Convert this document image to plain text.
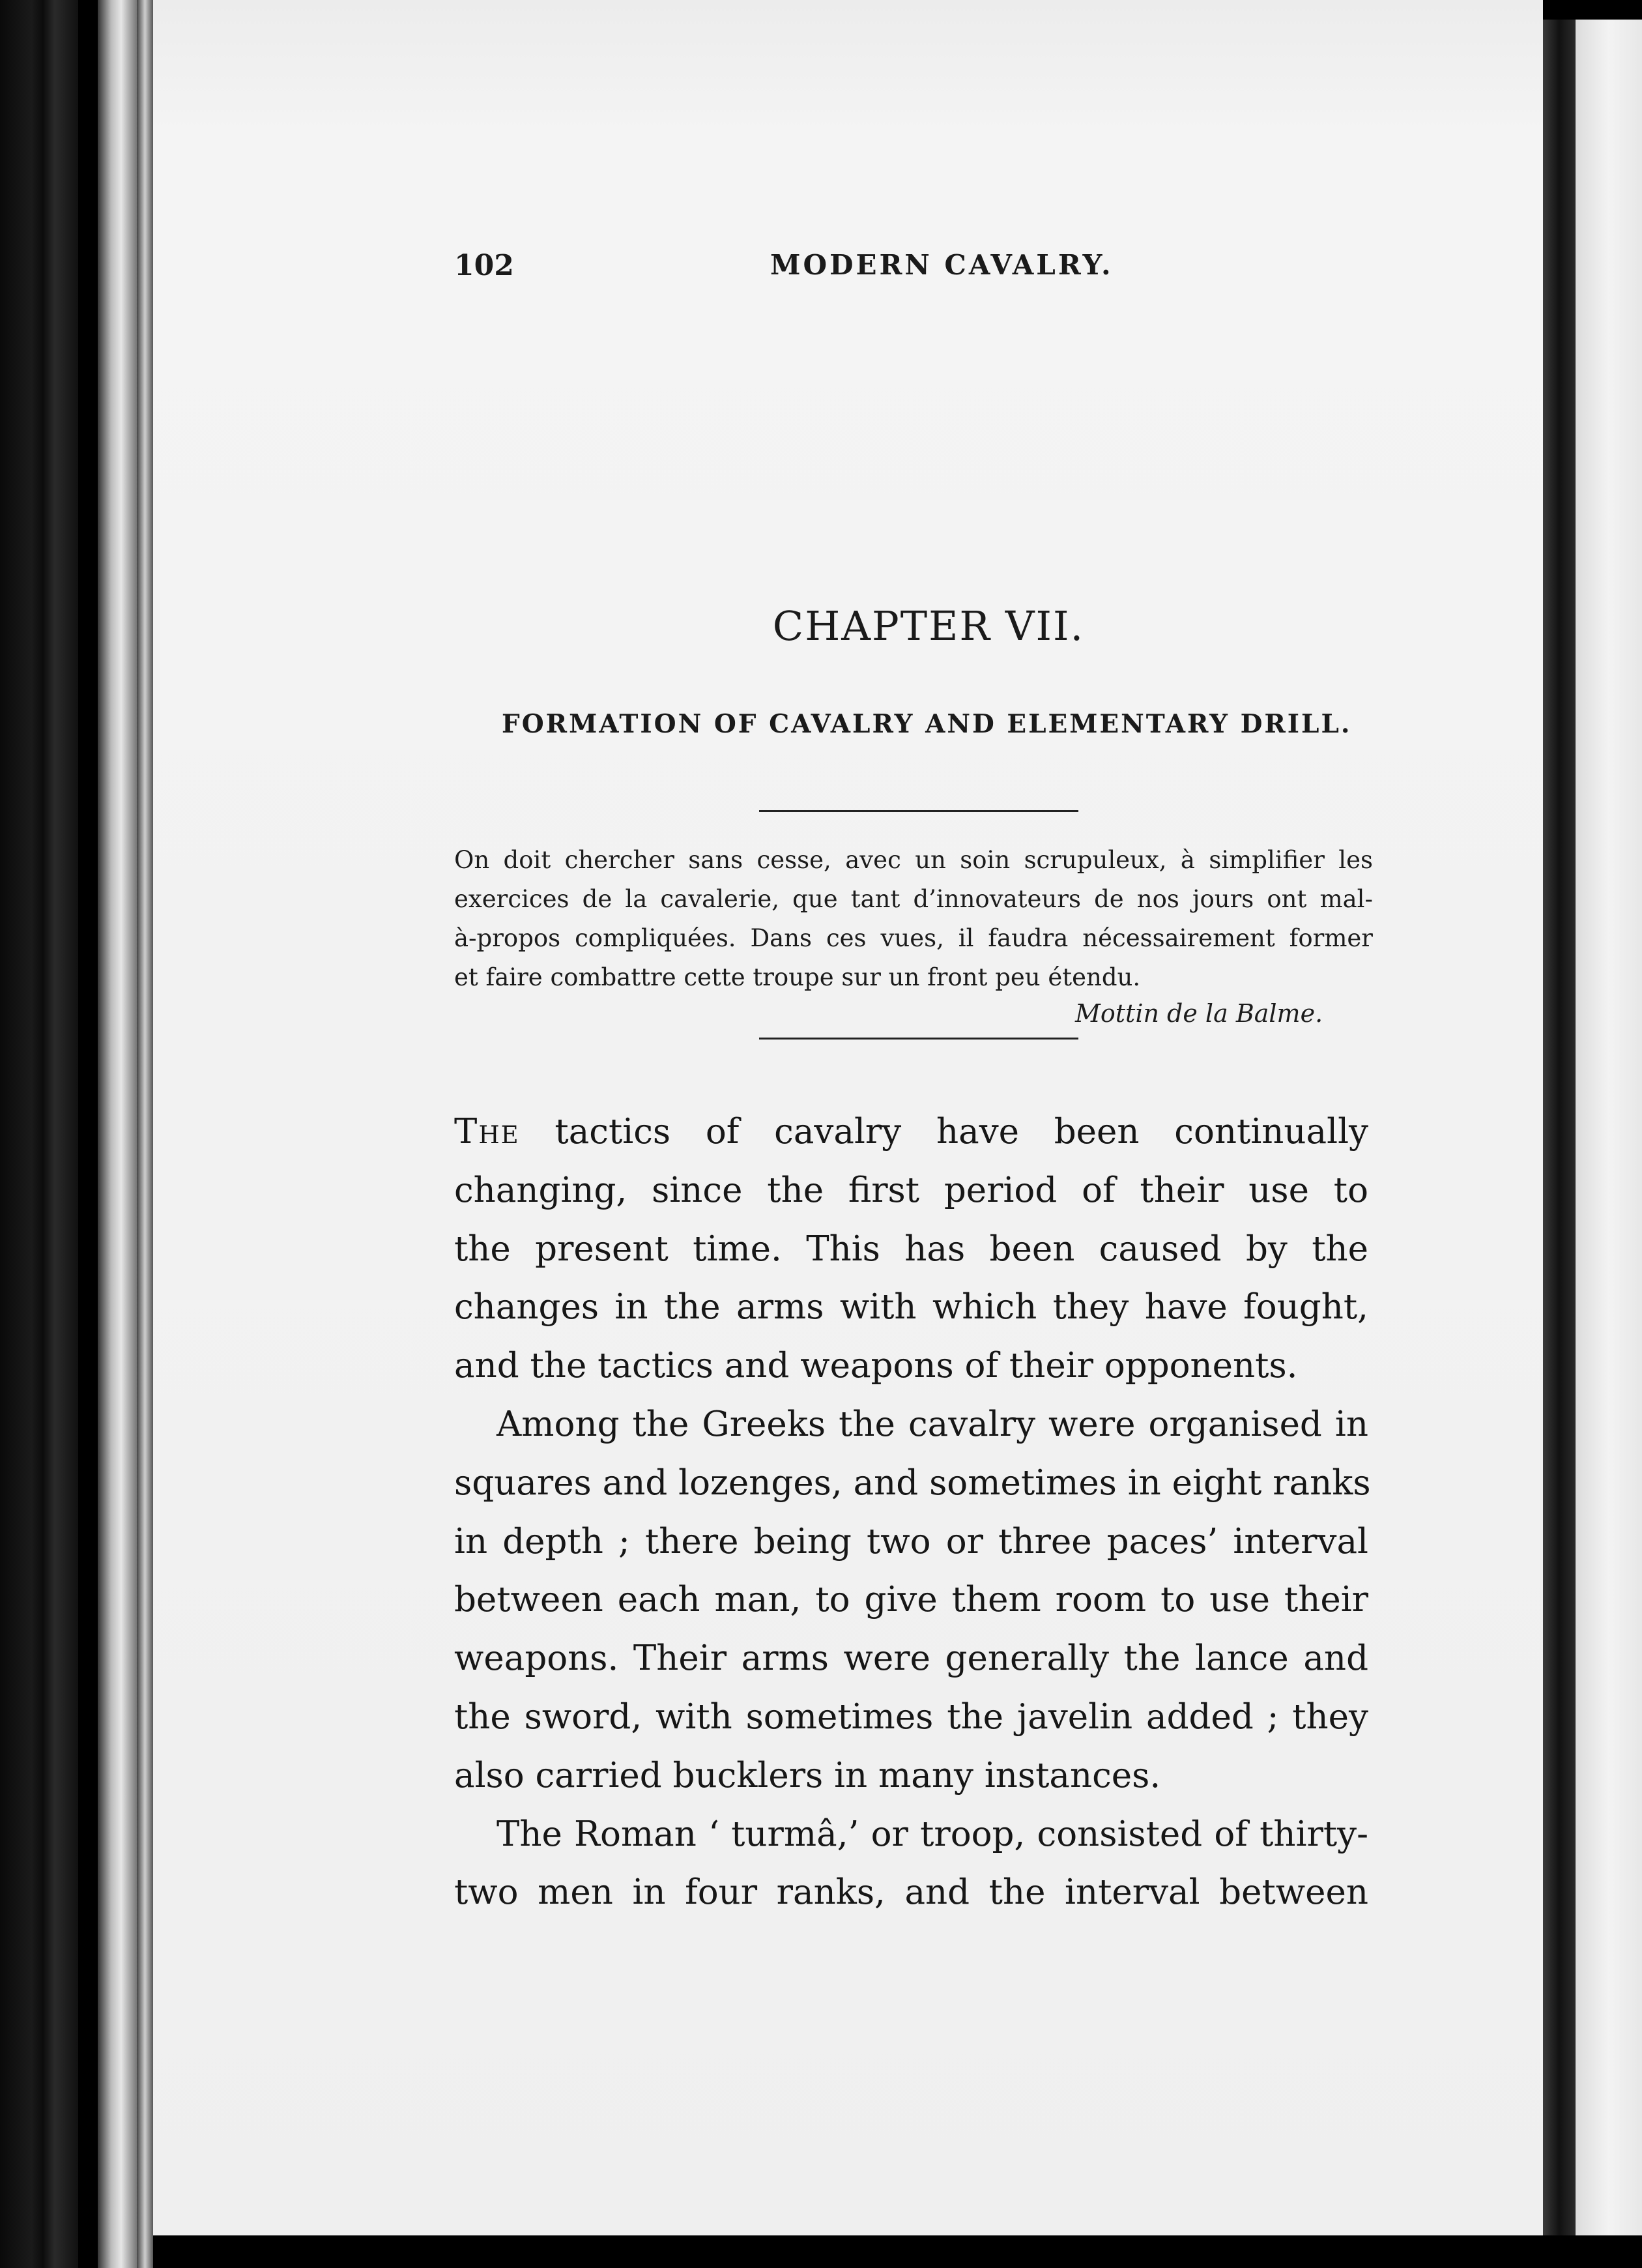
102	MODERN CAVALRY.
CHAPTER VII.
FORMATION OF CAVALRY AND ELEMENTARY DRILL.
On doit chercher sans cesse, avec un soin scrupuleux, à simplifier les
exercices de la cavalerie, que tant d’innovateurs de nos jours ont mal-
à-propos compliquées. Dans ces vues, il faudra nécessairement former
et faire combattre cette troupe sur un front peu étendu.
Mottin de la Balme.
The tactics of cavalry have been continually
changing, since the first period of their use to
the present time. This has been caused by the
changes in the arms with which they have fought,
and the tactics and weapons of their opponents.
Among the Greeks the cavalry were organised in
squares and lozenges, and sometimes in eight ranks
in depth ; there being two or three paces’ interval
between each man, to give them room to use their
weapons. Their arms were generally the lance and
the sword, with sometimes the javelin added ; they
also carried bucklers in many instances.
The Roman ‘ turmâ,’ or troop, consisted of thirty-
two men in four ranks, and the interval between
